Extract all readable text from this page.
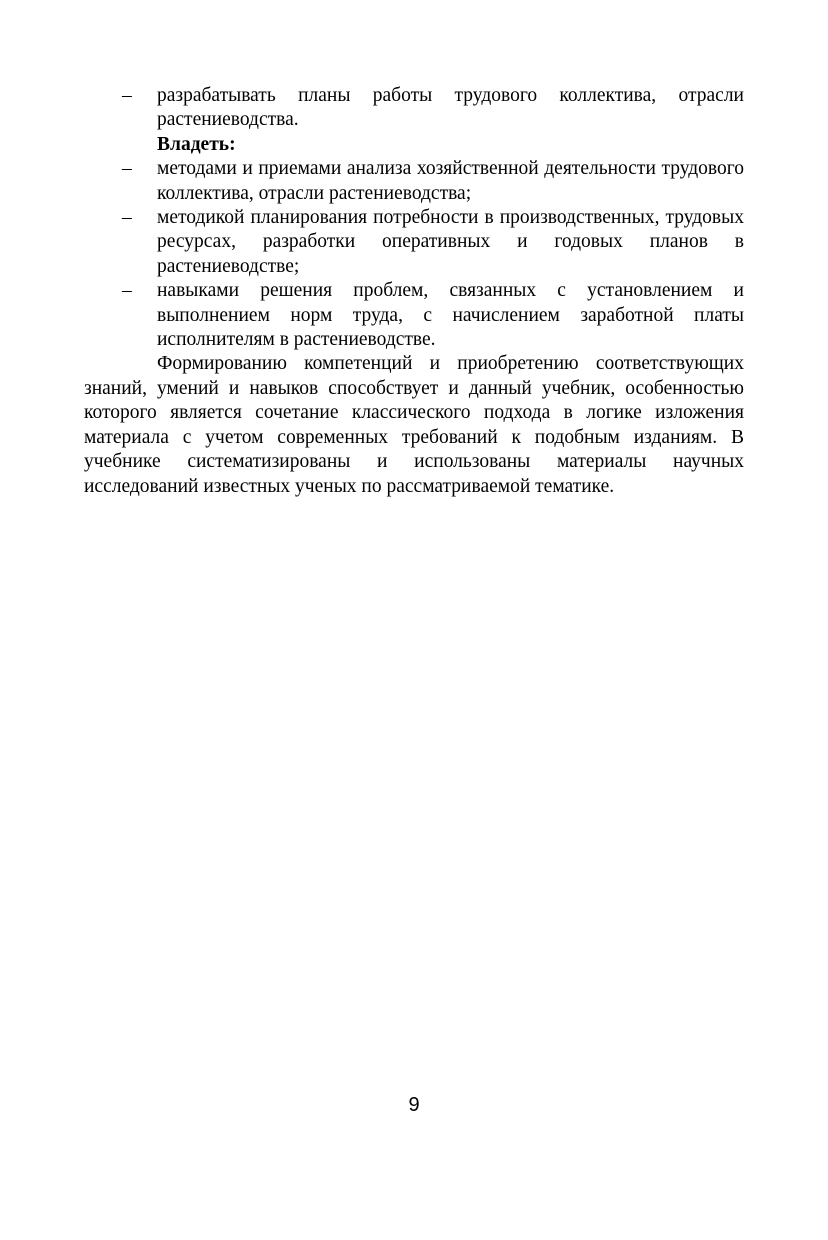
– разрабатывать планы работы трудового коллектива, отрасли растениеводства.
Владеть:
– методами и приемами анализа хозяйственной деятельности трудового коллектива, отрасли растениеводства;
– методикой планирования потребности в производственных, трудовых ресурсах, разработки оперативных и годовых планов в растениеводстве;
– навыками решения проблем, связанных с установлением и выполнением норм труда, с начислением заработной платы исполнителям в растениеводстве.

Формированию компетенций и приобретению соответствующих знаний, умений и навыков способствует и данный учебник, особенностью которого является сочетание классического подхода в логике изложения материала с учетом современных требований к подобным изданиям. В учебнике систематизированы и использованы материалы научных исследований известных ученых по рассматриваемой тематике.

9
